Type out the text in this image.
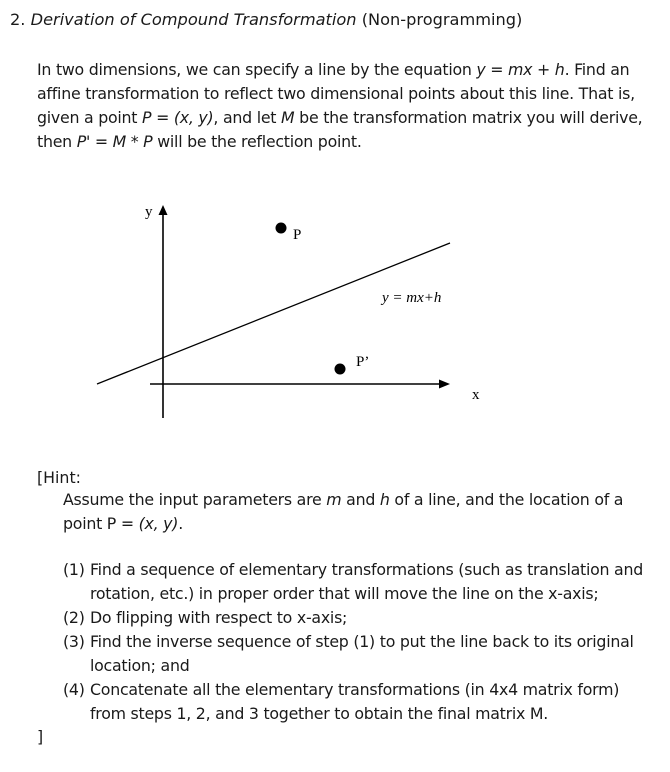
2. Derivation of Compound Transformation (Non-programming)
In two dimensions, we can specify a line by the equation y = mx + h. Find an
affine transformation to reflect two dimensional points about this line. That is,
given a point P = (x, y), and let M be the transformation matrix you will derive,
then P' = M * P will be the reflection point.
y
x
P
P’
y = mx+h
[Hint:
Assume the input parameters are m and h of a line, and the location of a
point P = (x, y).
(1) Find a sequence of elementary transformations (such as translation and
rotation, etc.) in proper order that will move the line on the x-axis;
(2) Do flipping with respect to x-axis;
(3) Find the inverse sequence of step (1) to put the line back to its original
location; and
(4) Concatenate all the elementary transformations (in 4x4 matrix form)
from steps 1, 2, and 3 together to obtain the final matrix M.
]
